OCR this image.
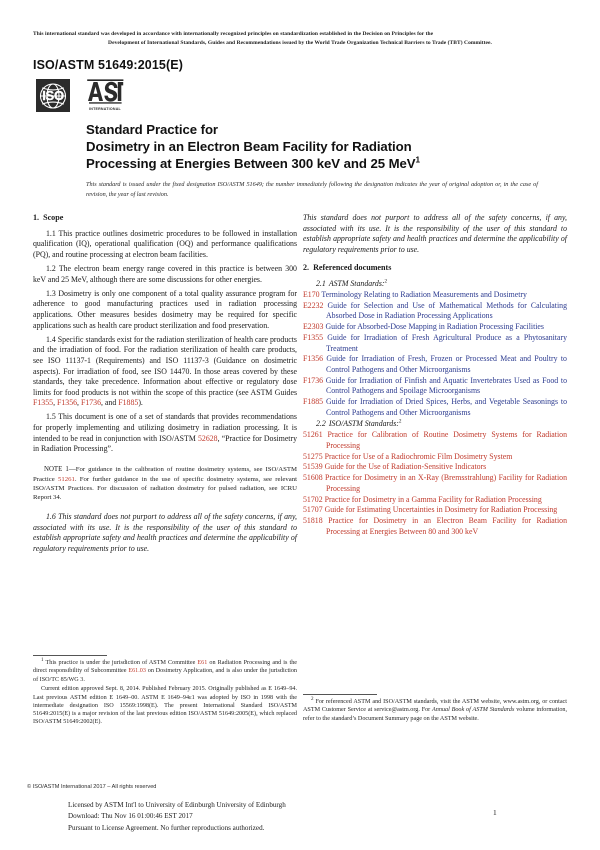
This international standard was developed in accordance with internationally recognized principles on standardization established in the Decision on Principles for the
Development of International Standards, Guides and Recommendations issued by the World Trade Organization Technical Barriers to Trade (TBT) Committee.
ISO/ASTM 51649:2015(E)
ISO
INTERNATIONAL
Standard Practice for
Dosimetry in an Electron Beam Facility for Radiation
Processing at Energies Between 300 keV and 25 MeV$^1$
This standard is issued under the fixed designation ISO/ASTM 51649; the number immediately following the designation indicates the year of original adoption or, in the case of revision, the year of last revision.
1. Scope

1.1 This practice outlines dosimetric procedures to be followed in installation qualification (IQ), operational qualification (OQ) and performance qualifications (PQ), and routine processing at electron beam facilities.

1.2 The electron beam energy range covered in this practice is between 300 keV and 25 MeV, although there are some discussions for other energies.

1.3 Dosimetry is only one component of a total quality assurance program for adherence to good manufacturing practices used in radiation processing applications. Other measures besides dosimetry may be required for specific applications such as health care product sterilization and food preservation.

1.4 Specific standards exist for the radiation sterilization of health care products and the irradiation of food. For the radiation sterilization of health care products, see ISO 11137-1 (Requirements) and ISO 11137-3 (Guidance on dosimetric aspects). For irradiation of food, see ISO 14470. In those areas covered by these standards, they take precedence. Information about effective or regulatory dose limits for food products is not within the scope of this practice (see ASTM Guides F1355, F1356, F1736, and F1885).

1.5 This document is one of a set of standards that provides recommendations for properly implementing and utilizing dosimetry in radiation processing. It is intended to be read in conjunction with ISO/ASTM 52628, “Practice for Dosimetry in Radiation Processing”.

NOTE 1—For guidance in the calibration of routine dosimetry systems, see ISO/ASTM Practice 51261. For further guidance in the use of specific dosimetry systems, see relevant ISO/ASTM Practices. For discussion of radiation dosimetry for pulsed radiation, see ICRU Report 34.

1.6 This standard does not purport to address all of the safety concerns, if any, associated with its use. It is the responsibility of the user of this standard to establish appropriate safety and health practices and determine the applicability of regulatory requirements prior to use.

This standard does not purport to address all of the safety concerns, if any, associated with its use. It is the responsibility of the user of this standard to establish appropriate safety and health practices and determine the applicability of regulatory requirements prior to use.

2. Referenced documents
2.1 ASTM Standards:$^2$
E170 Terminology Relating to Radiation Measurements and Dosimetry
E2232 Guide for Selection and Use of Mathematical Methods for Calculating Absorbed Dose in Radiation Processing Applications
E2303 Guide for Absorbed-Dose Mapping in Radiation Processing Facilities
F1355 Guide for Irradiation of Fresh Agricultural Produce as a Phytosanitary Treatment
F1356 Guide for Irradiation of Fresh, Frozen or Processed Meat and Poultry to Control Pathogens and Other Microorganisms
F1736 Guide for Irradiation of Finfish and Aquatic Invertebrates Used as Food to Control Pathogens and Spoilage Microorganisms
F1885 Guide for Irradiation of Dried Spices, Herbs, and Vegetable Seasonings to Control Pathogens and Other Microorganisms
2.2 ISO/ASTM Standards:$^2$
51261 Practice for Calibration of Routine Dosimetry Systems for Radiation Processing
51275 Practice for Use of a Radiochromic Film Dosimetry System
51539 Guide for the Use of Radiation-Sensitive Indicators
51608 Practice for Dosimetry in an X-Ray (Bremsstrahlung) Facility for Radiation Processing
51702 Practice for Dosimetry in a Gamma Facility for Radiation Processing
51707 Guide for Estimating Uncertainties in Dosimetry for Radiation Processing
51818 Practice for Dosimetry in an Electron Beam Facility for Radiation Processing at Energies Between 80 and 300 keV

$^1$ This practice is under the jurisdiction of ASTM Committee E61 on Radiation Processing and is the direct responsibility of Subcommittee E61.03 on Dosimetry Application, and is also under the jurisdiction of ISO/TC 85/WG 3.

Current edition approved Sept. 8, 2014. Published February 2015. Originally published as E 1649–94. Last previous ASTM edition E 1649–00. ASTM E 1649–94ε1 was adopted by ISO in 1998 with the intermediate designation ISO 15569:1998(E). The present International Standard ISO/ASTM 51649:2015(E) is a major revision of the last previous edition ISO/ASTM 51649:2005(E), which replaced ISO/ASTM 51649:2002(E).

$^2$ For referenced ASTM and ISO/ASTM standards, visit the ASTM website, www.astm.org, or contact ASTM Customer Service at service@astm.org. For Annual Book of ASTM Standards volume information, refer to the standard’s Document Summary page on the ASTM website.

© ISO/ASTM International 2017 – All rights reserved
Licensed by ASTM Int'l to University of Edinburgh University of Edinburgh
Download: Thu Nov 16 01:00:46 EST 2017
Pursuant to License Agreement. No further reproductions authorized.
1
